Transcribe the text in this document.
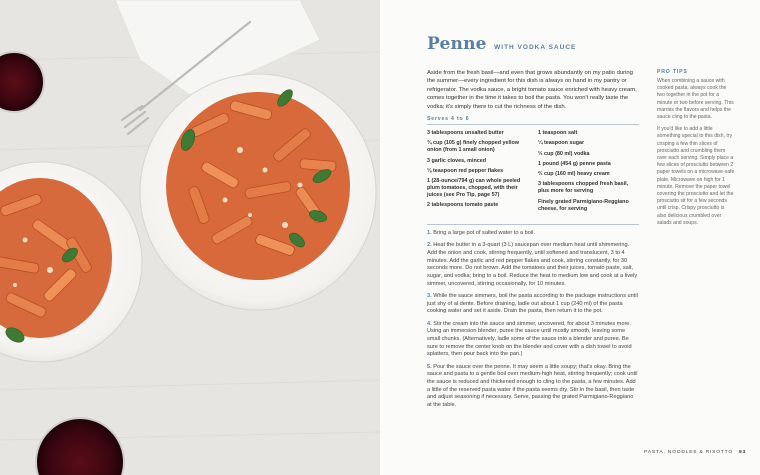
Penne WITH VODKA SAUCE
Aside from the fresh basil—and even that grows abundantly on my patio during the summer—every ingredient for this dish is always on hand in my pantry or refrigerator. The vodka sauce, a bright tomato sauce enriched with heavy cream, comes together in the time it takes to boil the pasta. You won't really taste the vodka; it's simply there to cut the richness of the dish.
Serves 4 to 6
3 tablespoons unsalted butter
¾ cup (105 g) finely chopped yellow onion (from 1 small onion)
3 garlic cloves, minced
⅛ teaspoon red pepper flakes
1 (28-ounce/794 g) can whole peeled plum tomatoes, chopped, with their juices (see Pro Tip, page 57)
2 tablespoons tomato paste
1 teaspoon salt
¼ teaspoon sugar
⅓ cup (80 ml) vodka
1 pound (454 g) penne pasta
⅔ cup (160 ml) heavy cream
3 tablespoons chopped fresh basil, plus more for serving
Finely grated Parmigiano-Reggiano cheese, for serving
1. Bring a large pot of salted water to a boil.
2. Heat the butter in a 3-quart (3 L) saucepan over medium heat until shimmering. Add the onion and cook, stirring frequently, until softened and translucent, 3 to 4 minutes. Add the garlic and red pepper flakes and cook, stirring constantly, for 30 seconds more. Do not brown. Add the tomatoes and their juices, tomato paste, salt, sugar, and vodka; bring to a boil. Reduce the heat to medium low and cook at a lively simmer, uncovered, stirring occasionally, for 10 minutes.
3. While the sauce simmers, boil the pasta according to the package instructions until just shy of al dente. Before draining, ladle out about 1 cup (240 ml) of the pasta cooking water and set it aside. Drain the pasta, then return it to the pot.
4. Stir the cream into the sauce and simmer, uncovered, for about 3 minutes more. Using an immersion blender, puree the sauce until mostly smooth, leaving some small chunks. (Alternatively, ladle some of the sauce into a blender and puree. Be sure to remove the center knob on the blender and cover with a dish towel to avoid splatters, then pour back into the pan.)
5. Pour the sauce over the penne. It may seem a little soupy; that's okay. Bring the sauce and pasta to a gentle boil over medium-high heat, stirring frequently; cook until the sauce is reduced and thickened enough to cling to the pasta, a few minutes. Add a little of the reserved pasta water if the pasta seems dry. Stir in the basil, then taste and adjust seasoning if necessary. Serve, passing the grated Parmigiano-Reggiano at the table.
PRO TIPS

When combining a sauce with cooked pasta, always cook the two together in the pot for a minute or two before serving. This marries the flavors and helps the sauce cling to the pasta.

If you'd like to add a little something special to this dish, try crisping a few thin slices of prosciutto and crumbling them over each serving. Simply place a few slices of prosciutto between 2 paper towels on a microwave-safe plate. Microwave on high for 1 minute. Remove the paper towel covering the prosciutto and let the prosciutto sit for a few seconds until crisp. Crispy prosciutto is also delicious crumbled over salads and soups.

PASTA, NOODLES & RISOTTO 93
